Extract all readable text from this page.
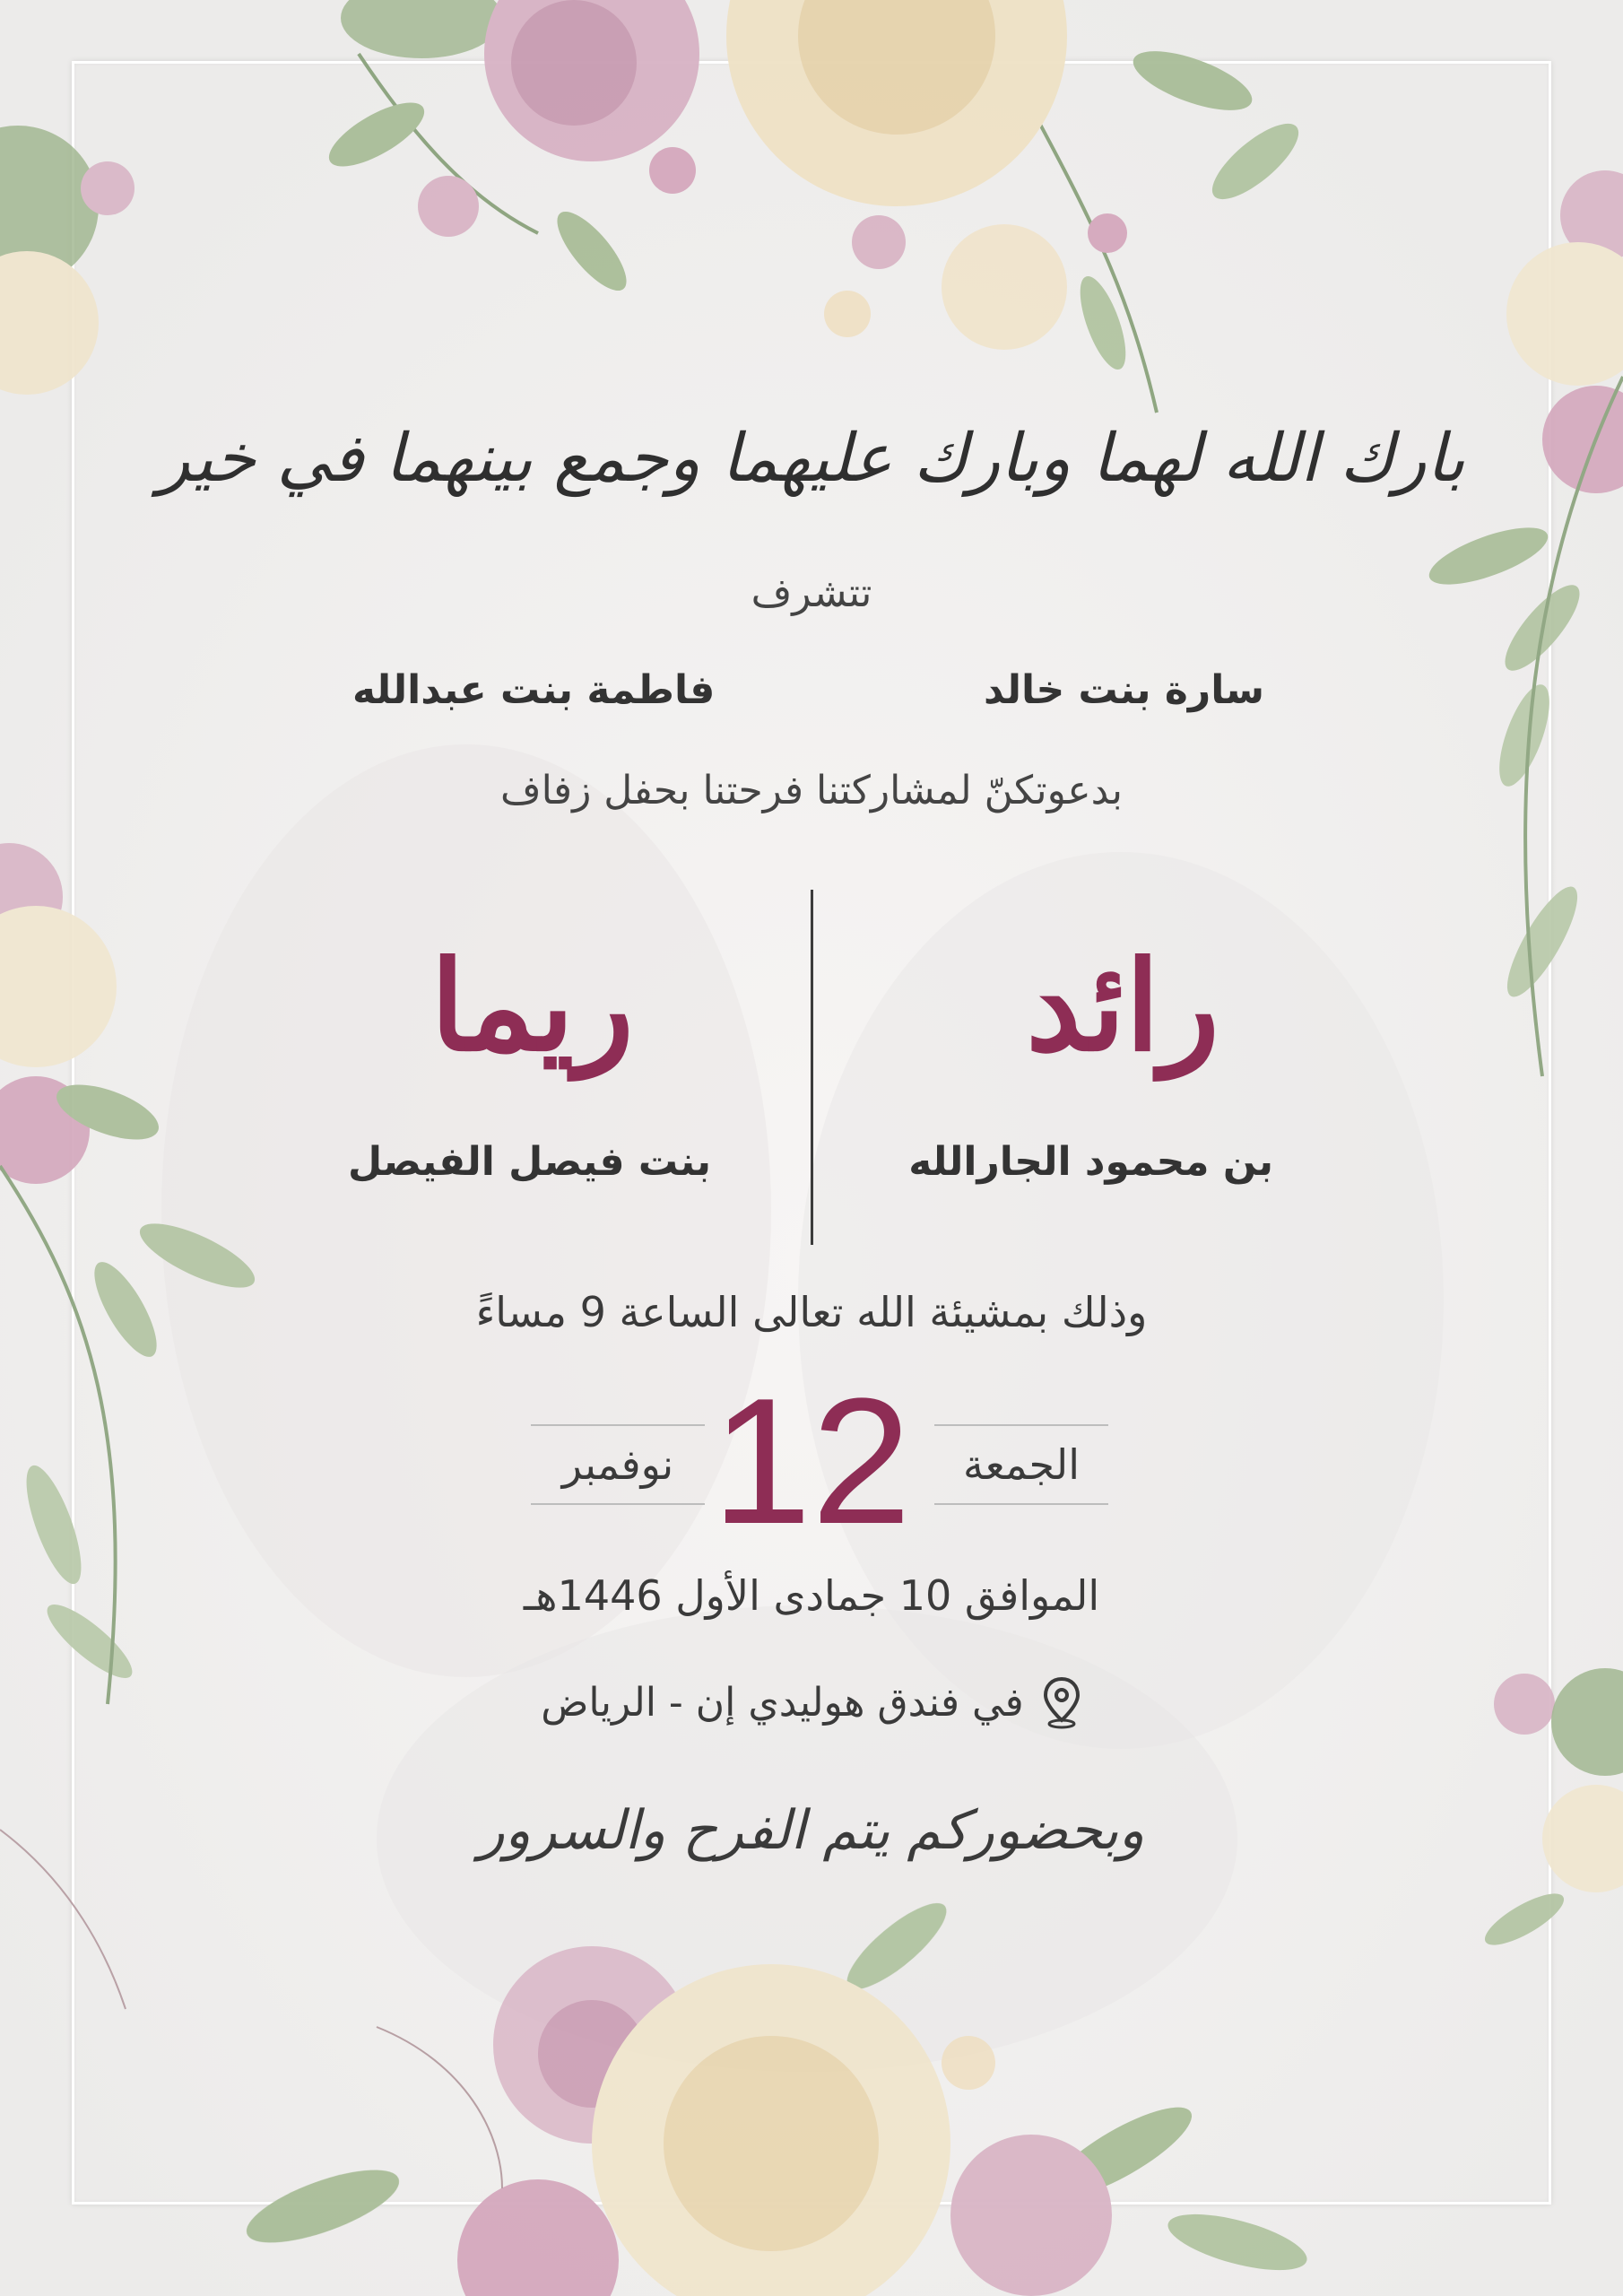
بارك الله لهما وبارك عليهما وجمع بينهما في خير
تتشرف
سارة بنت خالد
فاطمة بنت عبدالله
بدعوتكنّ لمشاركتنا فرحتنا بحفل زفاف
رائد
ريما
بن محمود الجارالله
بنت فيصل الفيصل
وذلك بمشيئة الله تعالى الساعة 9 مساءً
الجمعة
12
نوفمبر
الموافق 10 جمادى الأول 1446هـ
في فندق هوليدي إن - الرياض
وبحضوركم يتم الفرح والسرور
